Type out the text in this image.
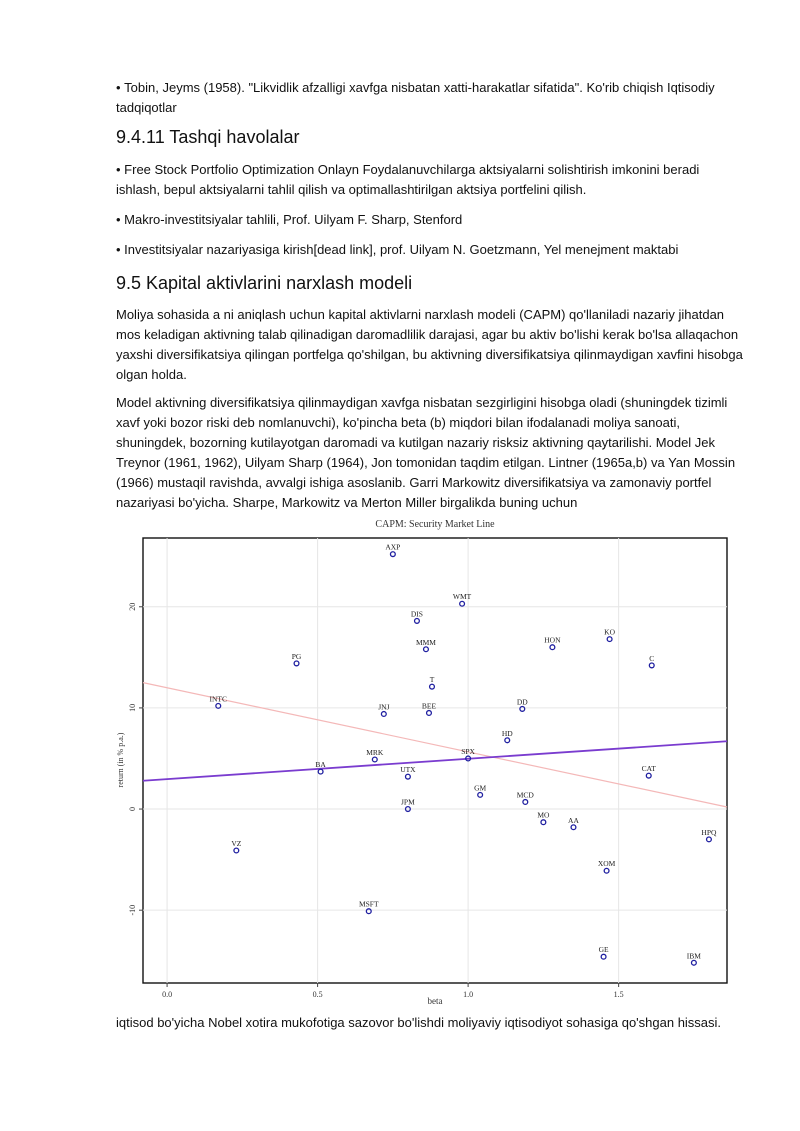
• Tobin, Jeyms (1958). "Likvidlik afzalligi xavfga nisbatan xatti-harakatlar sifatida". Ko'rib chiqish Iqtisodiy tadqiqotlar

9.4.11 Tashqi havolalar

• Free Stock Portfolio Optimization Onlayn Foydalanuvchilarga aktsiyalarni solishtirish imkonini beradi ishlash, bepul aktsiyalarni tahlil qilish va optimallashtirilgan aktsiya portfelini qilish.

• Makro-investitsiyalar tahlili, Prof. Uilyam F. Sharp, Stenford

• Investitsiyalar nazariyasiga kirish[dead link], prof. Uilyam N. Goetzmann, Yel menejment maktabi

9.5 Kapital aktivlarini narxlash modeli

Moliya sohasida a ni aniqlash uchun kapital aktivlarni narxlash modeli (CAPM) qo'llaniladi nazariy jihatdan mos keladigan aktivning talab qilinadigan daromadlilik darajasi, agar bu aktiv bo'lishi kerak bo'lsa allaqachon yaxshi diversifikatsiya qilingan portfelga qo'shilgan, bu aktivning diversifikatsiya qilinmaydigan xavfini hisobga olgan holda.

Model aktivning diversifikatsiya qilinmaydigan xavfga nisbatan sezgirligini hisobga oladi (shuningdek tizimli xavf yoki bozor riski deb nomlanuvchi), ko'pincha beta (b) miqdori bilan ifodalanadi moliya sanoati, shuningdek, bozorning kutilayotgan daromadi va kutilgan nazariy risksiz aktivning qaytarilishi. Model Jek Treynor (1961, 1962), Uilyam Sharp (1964), Jon tomonidan taqdim etilgan. Lintner (1965a,b) va Yan Mossin (1966) mustaqil ravishda, avvalgi ishiga asoslanib. Garri Markowitz diversifikatsiya va zamonaviy portfel nazariyasi bo'yicha. Sharpe, Markowitz va Merton Miller birgalikda buning uchun

CAPM: Security Market Line
AXP
WMT
DIS
MMM
PG
HON
KO
C
T
INTC
JNJ	BEE	DD
HD
SPX
MRK
BA
UTX	CAT
GM
MCD
JPM
MO
AA
HPQ
VZ
XOM
MSFT
GE
IBM
0.0	0.5	1.0	1.5
-10
0
10
20
beta
return (in % p.a.)

iqtisod bo'yicha Nobel xotira mukofotiga sazovor bo'lishdi moliyaviy iqtisodiyot sohasiga qo'shgan hissasi.
